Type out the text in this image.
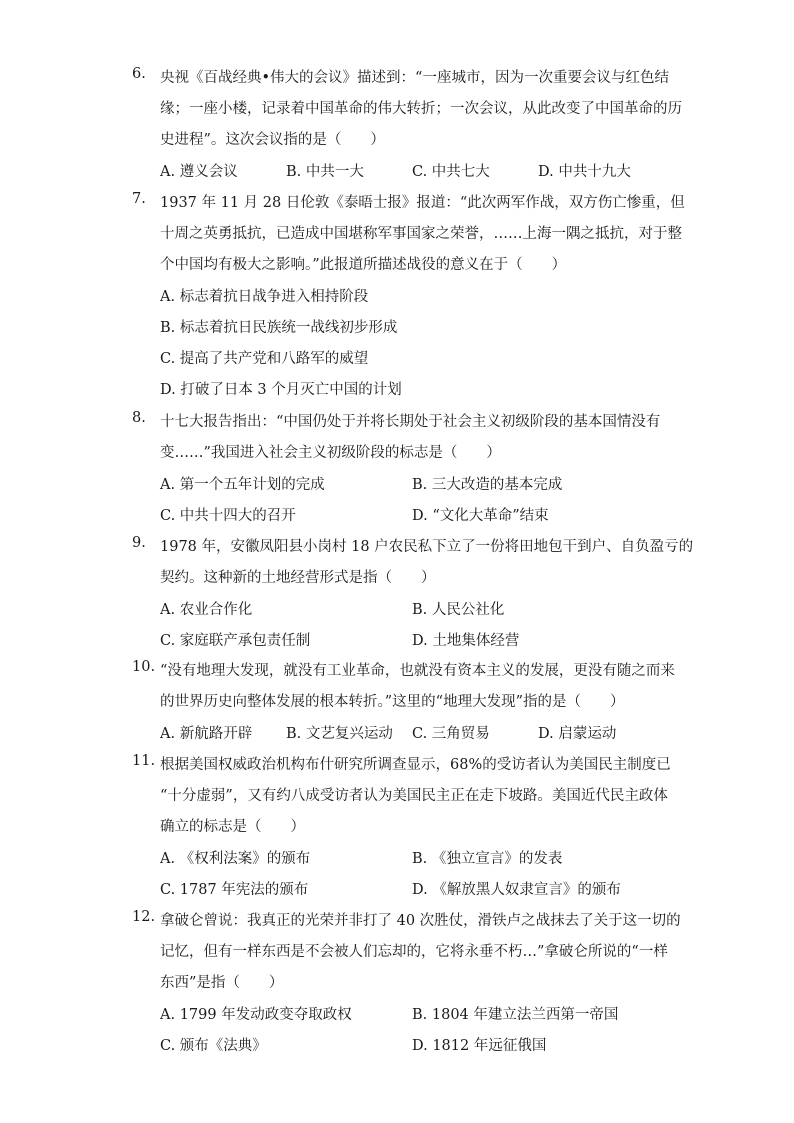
6. 央视《百战经典•伟大的会议》描述到：“一座城市，因为一次重要会议与红色结
缘；一座小楼，记录着中国革命的伟大转折；一次会议，从此改变了中国革命的历
史进程”。这次会议指的是（　　）
A. 遵义会议	B. 中共一大	C. 中共七大	D. 中共十九大
7. 1937 年 11 月 28 日伦敦《泰晤士报》报道：“此次两军作战，双方伤亡惨重，但
十周之英勇抵抗，已造成中国堪称军事国家之荣誉，……上海一隅之抵抗，对于整
个中国均有极大之影响。”此报道所描述战役的意义在于（　　）
A. 标志着抗日战争进入相持阶段
B. 标志着抗日民族统一战线初步形成
C. 提高了共产党和八路军的威望
D. 打破了日本 3 个月灭亡中国的计划
8. 十七大报告指出：“中国仍处于并将长期处于社会主义初级阶段的基本国情没有
变……”我国进入社会主义初级阶段的标志是（　　）
A. 第一个五年计划的完成	B. 三大改造的基本完成
C. 中共十四大的召开	D. “文化大革命”结束
9. 1978 年，安徽凤阳县小岗村 18 户农民私下立了一份将田地包干到户、自负盈亏的
契约。这种新的土地经营形式是指（　　）
A. 农业合作化	B. 人民公社化
C. 家庭联产承包责任制	D. 土地集体经营
10. “没有地理大发现，就没有工业革命，也就没有资本主义的发展，更没有随之而来
的世界历史向整体发展的根本转折。”这里的“地理大发现”指的是（　　）
A. 新航路开辟 B. 文艺复兴运动 C. 三角贸易	D. 启蒙运动
11. 根据美国权威政治机构布什研究所调查显示，68%的受访者认为美国民主制度已
“十分虚弱”，又有约八成受访者认为美国民主正在走下坡路。美国近代民主政体
确立的标志是（　　）
A. 《权利法案》的颁布	B. 《独立宣言》的发表
C. 1787 年宪法的颁布	D. 《解放黑人奴隶宣言》的颁布
12. 拿破仑曾说：我真正的光荣并非打了 40 次胜仗，滑铁卢之战抹去了关于这一切的
记忆，但有一样东西是不会被人们忘却的，它将永垂不朽…”拿破仑所说的“一样
东西”是指（　　）
A. 1799 年发动政变夺取政权	B. 1804 年建立法兰西第一帝国
C. 颁布《法典》	D. 1812 年远征俄国
